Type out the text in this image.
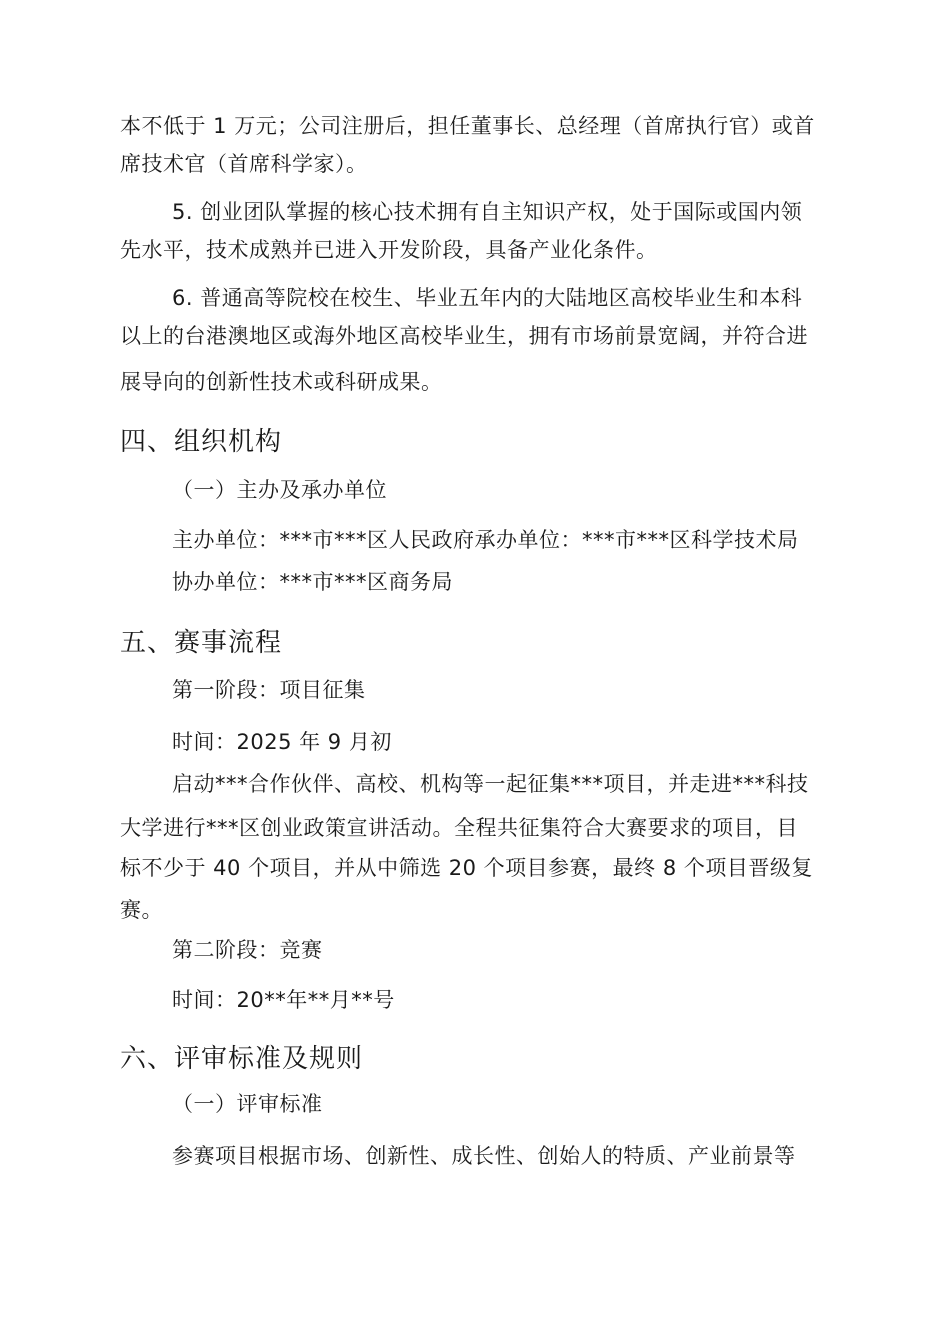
本不低于 1 万元；公司注册后，担任董事长、总经理（首席执行官）或首
席技术官（首席科学家）。
5. 创业团队掌握的核心技术拥有自主知识产权，处于国际或国内领
先水平，技术成熟并已进入开发阶段，具备产业化条件。
6. 普通高等院校在校生、毕业五年内的大陆地区高校毕业生和本科
以上的台港澳地区或海外地区高校毕业生，拥有市场前景宽阔，并符合进
展导向的创新性技术或科研成果。
四、组织机构
（一）主办及承办单位
主办单位：***市***区人民政府承办单位：***市***区科学技术局
协办单位：***市***区商务局
五、赛事流程
第一阶段：项目征集
时间：2025 年 9 月初
启动***合作伙伴、高校、机构等一起征集***项目，并走进***科技
大学进行***区创业政策宣讲活动。全程共征集符合大赛要求的项目，目
标不少于 40 个项目，并从中筛选 20 个项目参赛，最终 8 个项目晋级复
赛。
第二阶段：竞赛
时间：20**年**月**号
六、评审标准及规则
（一）评审标准
参赛项目根据市场、创新性、成长性、创始人的特质、产业前景等
